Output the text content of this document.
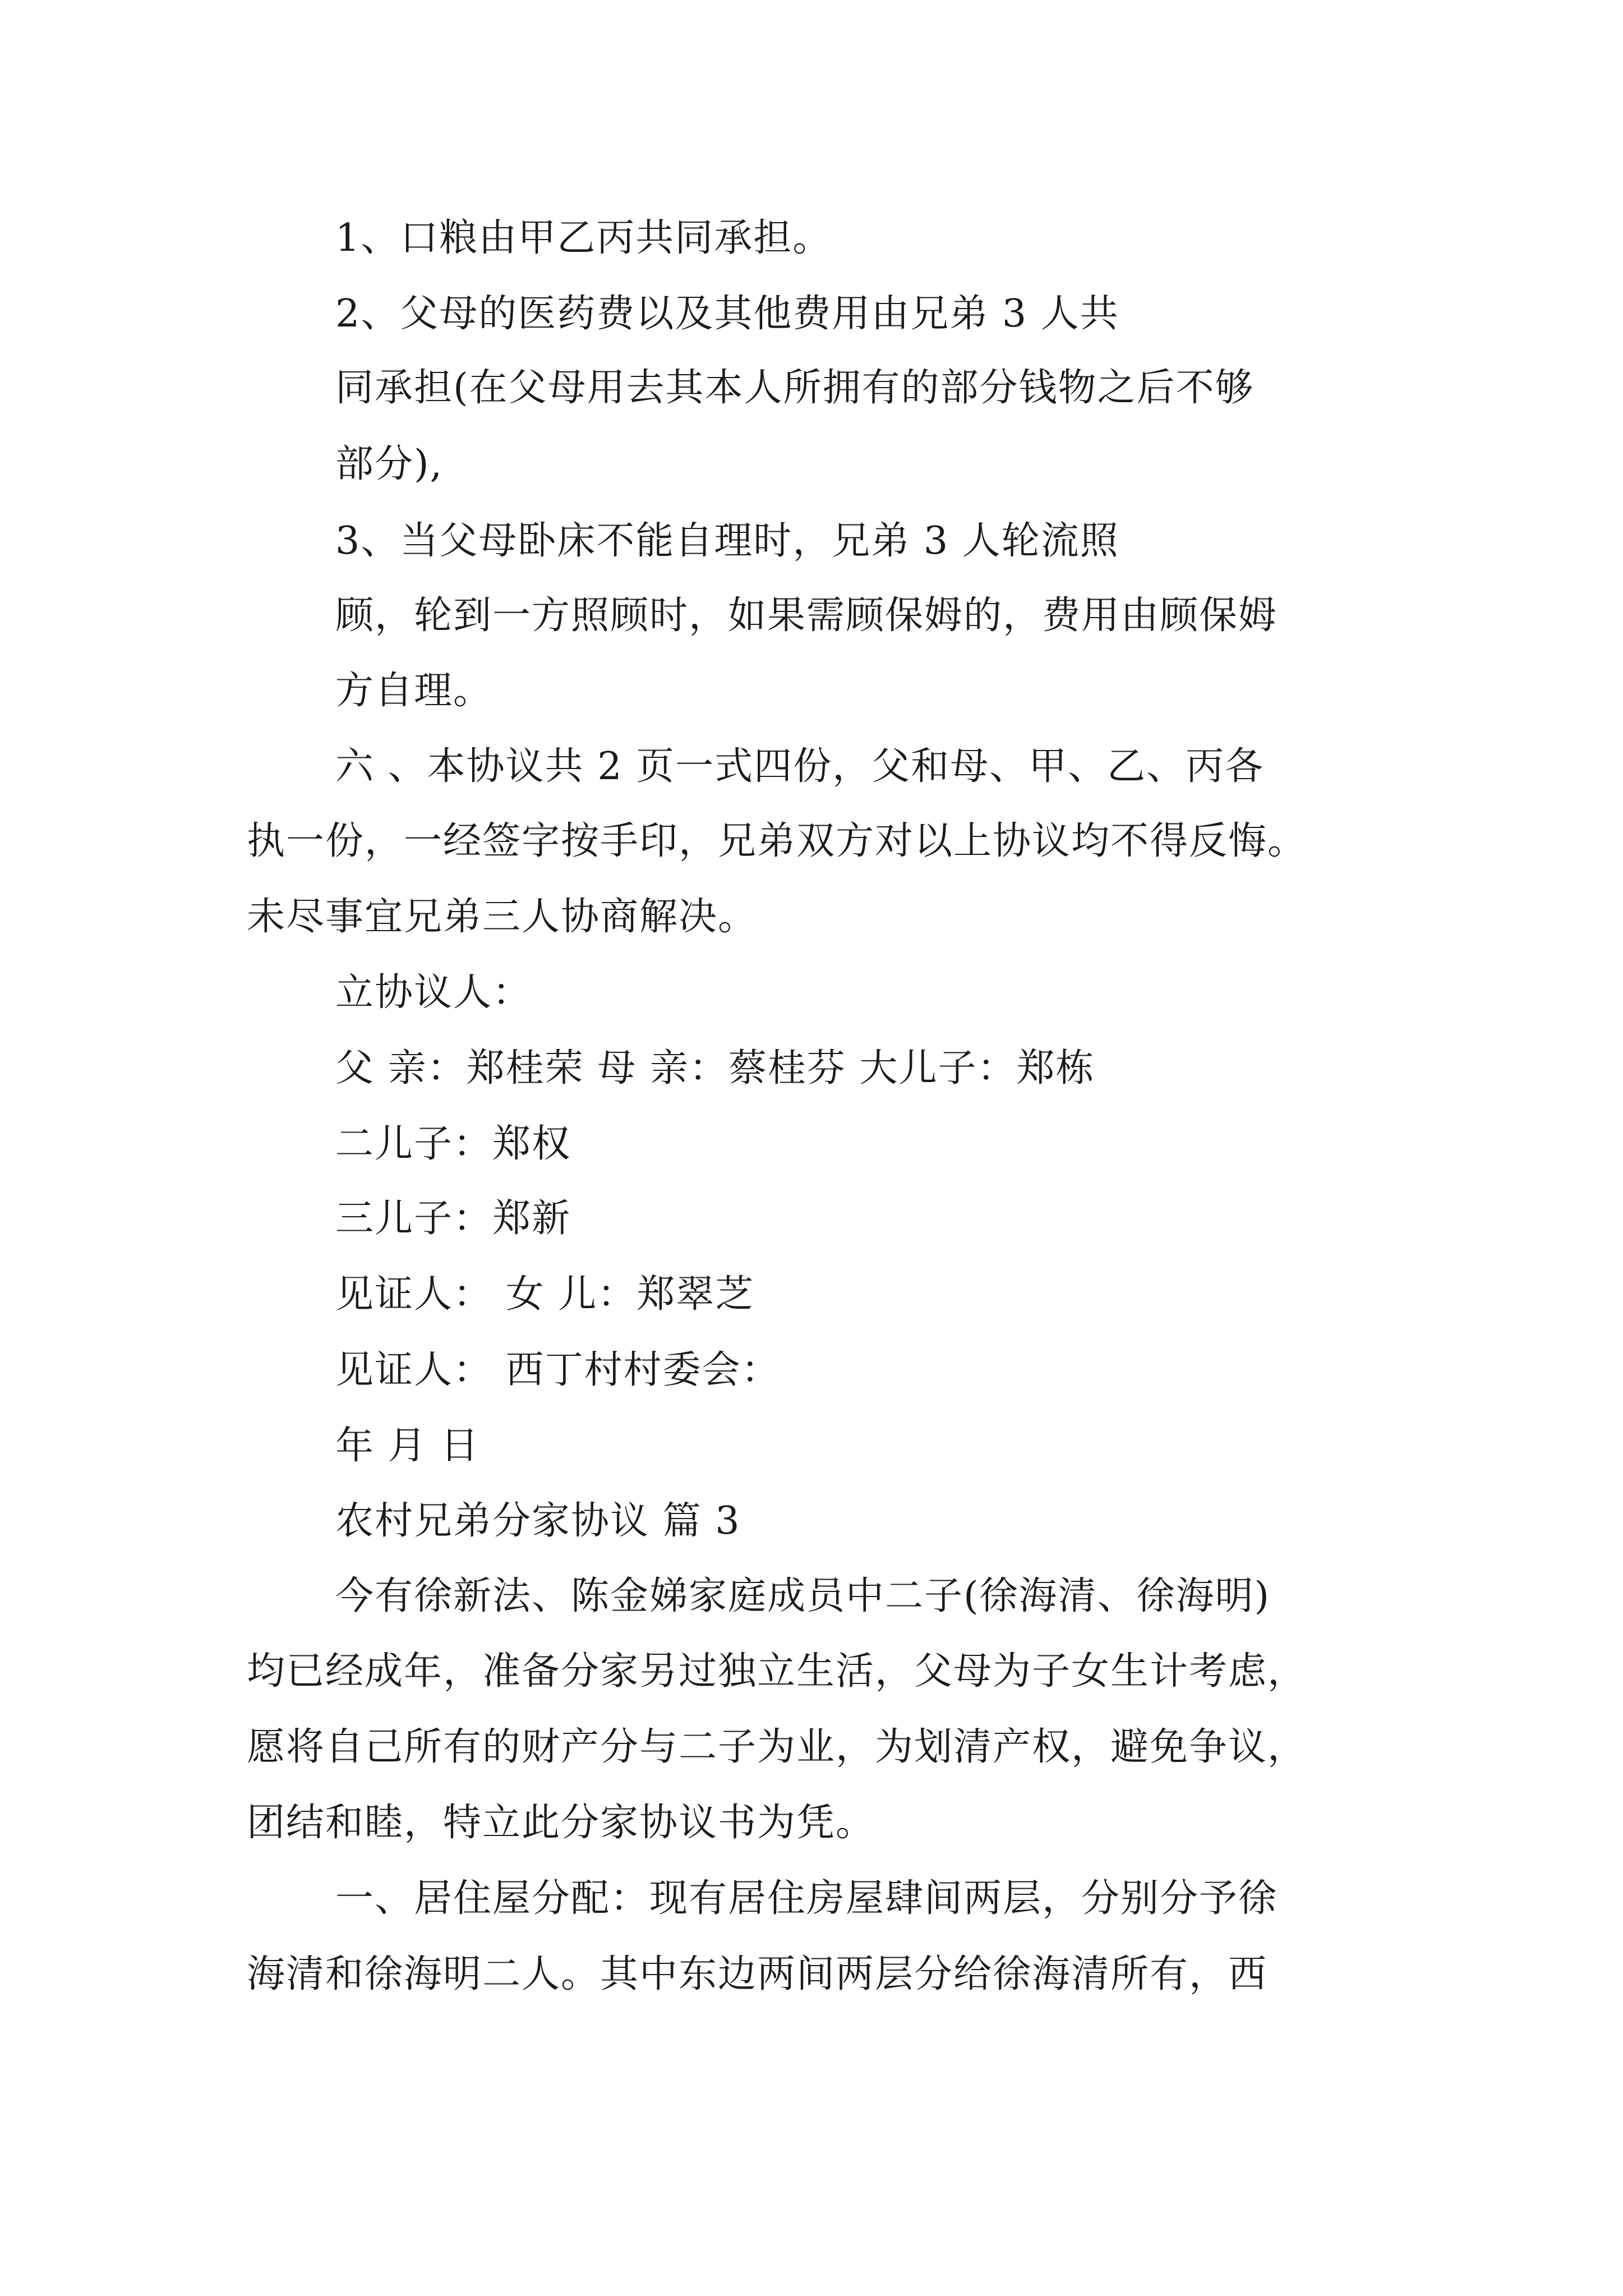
1、口粮由甲乙丙共同承担。
2、父母的医药费以及其他费用由兄弟 3 人共
同承担(在父母用去其本人所拥有的部分钱物之后不够
部分),
3、当父母卧床不能自理时，兄弟 3 人轮流照
顾，轮到一方照顾时，如果需顾保姆的，费用由顾保姆
方自理。
六 、本协议共 2 页一式四份，父和母、甲、乙、丙各
执一份，一经签字按手印，兄弟双方对以上协议均不得反悔。
未尽事宜兄弟三人协商解决。
立协议人：
父 亲：郑桂荣 母 亲：蔡桂芬 大儿子：郑栋
二儿子：郑权
三儿子：郑新
见证人： 女 儿：郑翠芝
见证人： 西丁村村委会：
年 月 日
农村兄弟分家协议 篇 3
今有徐新法、陈金娣家庭成员中二子(徐海清、徐海明)
均已经成年，准备分家另过独立生活，父母为子女生计考虑，
愿将自己所有的财产分与二子为业，为划清产权，避免争议，
团结和睦，特立此分家协议书为凭。
一、居住屋分配：现有居住房屋肆间两层，分别分予徐
海清和徐海明二人。其中东边两间两层分给徐海清所有，西
